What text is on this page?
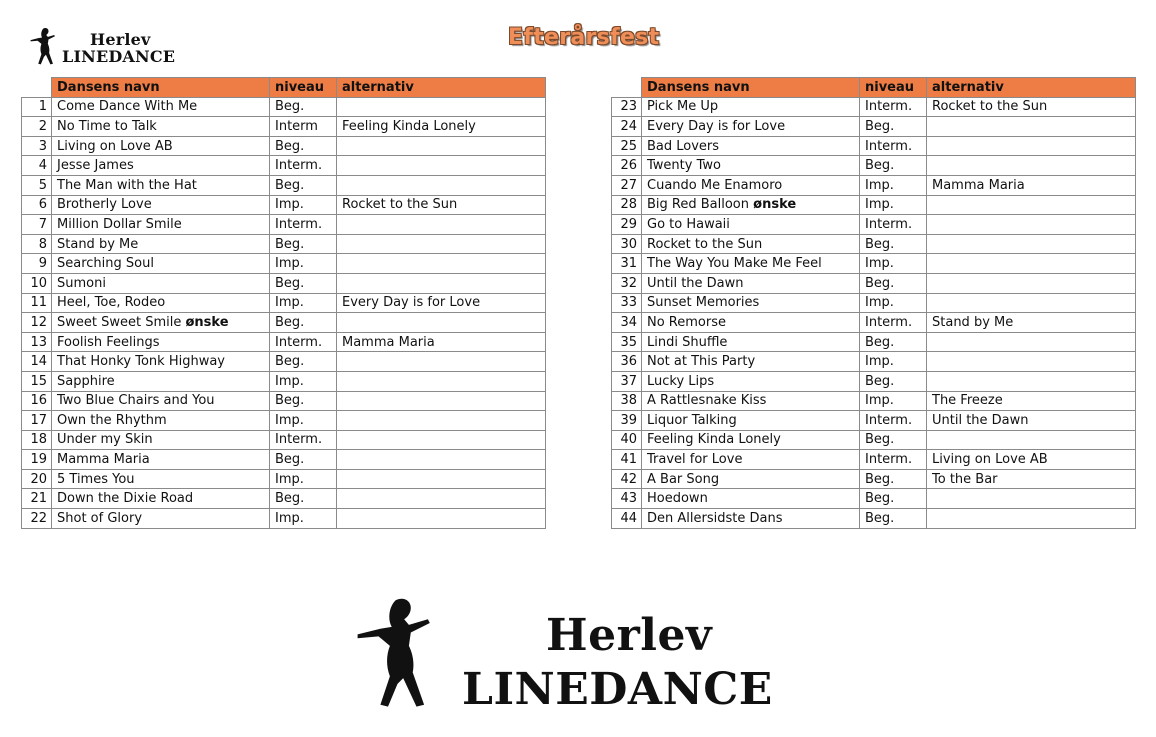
Herlev
LINEDANCE
Efterårsfest
	Dansens navn	niveau	alternativ
1	Come Dance With Me	Beg.	
2	No Time to Talk	Interm	Feeling Kinda Lonely
3	Living on Love AB	Beg.	
4	Jesse James	Interm.	
5	The Man with the Hat	Beg.	
6	Brotherly Love	Imp.	Rocket to the Sun
7	Million Dollar Smile	Interm.	
8	Stand by Me	Beg.	
9	Searching Soul	Imp.	
10	Sumoni	Beg.	
11	Heel, Toe, Rodeo	Imp.	Every Day is for Love
12	Sweet Sweet Smile ønske	Beg.	
13	Foolish Feelings	Interm.	Mamma Maria
14	That Honky Tonk Highway	Beg.	
15	Sapphire	Imp.	
16	Two Blue Chairs and You	Beg.	
17	Own the Rhythm	Imp.	
18	Under my Skin	Interm.	
19	Mamma Maria	Beg.	
20	5 Times You	Imp.	
21	Down the Dixie Road	Beg.	
22	Shot of Glory	Imp.	
	Dansens navn	niveau	alternativ
23	Pick Me Up	Interm.	Rocket to the Sun
24	Every Day is for Love	Beg.	
25	Bad Lovers	Interm.	
26	Twenty Two	Beg.	
27	Cuando Me Enamoro	Imp.	Mamma Maria
28	Big Red Balloon ønske	Imp.	
29	Go to Hawaii	Interm.	
30	Rocket to the Sun	Beg.	
31	The Way You Make Me Feel	Imp.	
32	Until the Dawn	Beg.	
33	Sunset Memories	Imp.	
34	No Remorse	Interm.	Stand by Me
35	Lindi Shuffle	Beg.	
36	Not at This Party	Imp.	
37	Lucky Lips	Beg.	
38	A Rattlesnake Kiss	Imp.	The Freeze
39	Liquor Talking	Interm.	Until the Dawn
40	Feeling Kinda Lonely	Beg.	
41	Travel for Love	Interm.	Living on Love AB
42	A Bar Song	Beg.	To the Bar
43	Hoedown	Beg.	
44	Den Allersidste Dans	Beg.	
Herlev
LINEDANCE
